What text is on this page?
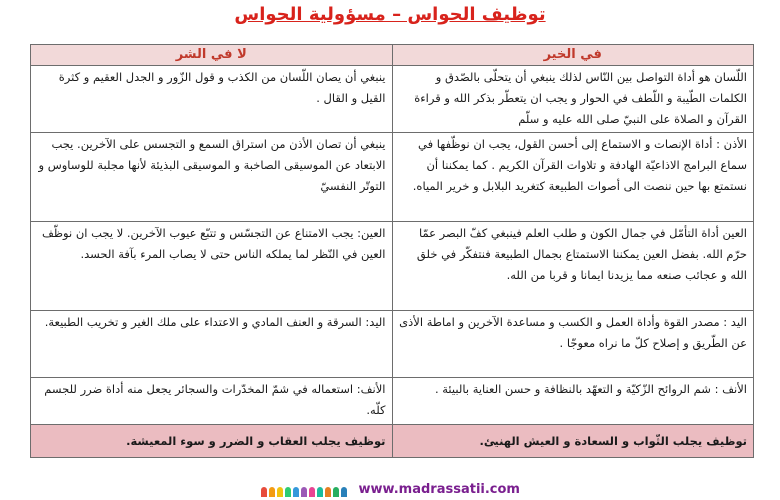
توظيف الحواس – مسؤولية الحواس
في الخير	لا في الشر
اللّسان هو أداة التواصل بين النّاس لذلك ينبغي أن يتحلّى بالصّدق و الكلمات الطّيبة و اللّطف في الحوار و يجب ان يتعطّر بذكر الله و قراءة القرآن و الصلاة على النبيّ صلى الله عليه و سلّم	ينبغي أن يصان اللّسان من الكذب و قول الزّور و الجدل العقيم و كثرة القيل و القال .
الأذن : أداة الإنصات و الاستماع إلى أحسن القول، يجب ان نوظّفها في سماع البرامج الاذاعيّة الهادفة و تلاوات القرآن الكريم . كما يمكننا أن نستمتع بها حين ننصت الى أصوات الطبيعة كتغريد البلابل و خرير المياه.	ينبغي أن تصان الأذن من استراق السمع و التجسس على الآخرين. يجب الابتعاد عن الموسيقى الصاخبة و الموسيقى البذيئة لأنها مجلبة للوساوس و التوتّر النفسيّ
العين أداة التأمّل في جمال الكون و طلب العلم فينبغي كفّ البصر عمّا حرّم الله. بفضل العين يمكننا الاستمتاع بجمال الطبيعة فنتفكّر في خلق الله و عجائب صنعه مما يزيدنا ايمانا و قربا من الله.	العين: يجب الامتناع عن التجسّس و تتبّع عيوب الآخرين. لا يجب ان نوظّف العين في النّظر لما يملكه الناس حتى لا يصاب المرء بآفة الحسد.
اليد : مصدر القوة وأداة العمل و الكسب و مساعدة الآخرين و اماطة الأذى عن الطّريق و إصلاح كلّ ما نراه معوجّا .	اليد: السرقة و العنف المادي و الاعتداء على ملك الغير و تخريب الطبيعة.
الأنف : شم الروائح الزّكيّة و التعهّد بالنظافة و حسن العناية بالبيئة .	الأنف: استعماله في شمّ المخدّرات والسجائر يجعل منه أداة ضرر للجسم كلّه.
توظيف يجلب الثّواب و السعادة و العيش الهنيئ.	توظيف يجلب العقاب و الضرر و سوء المعيشة.
www.madrassatii.com
